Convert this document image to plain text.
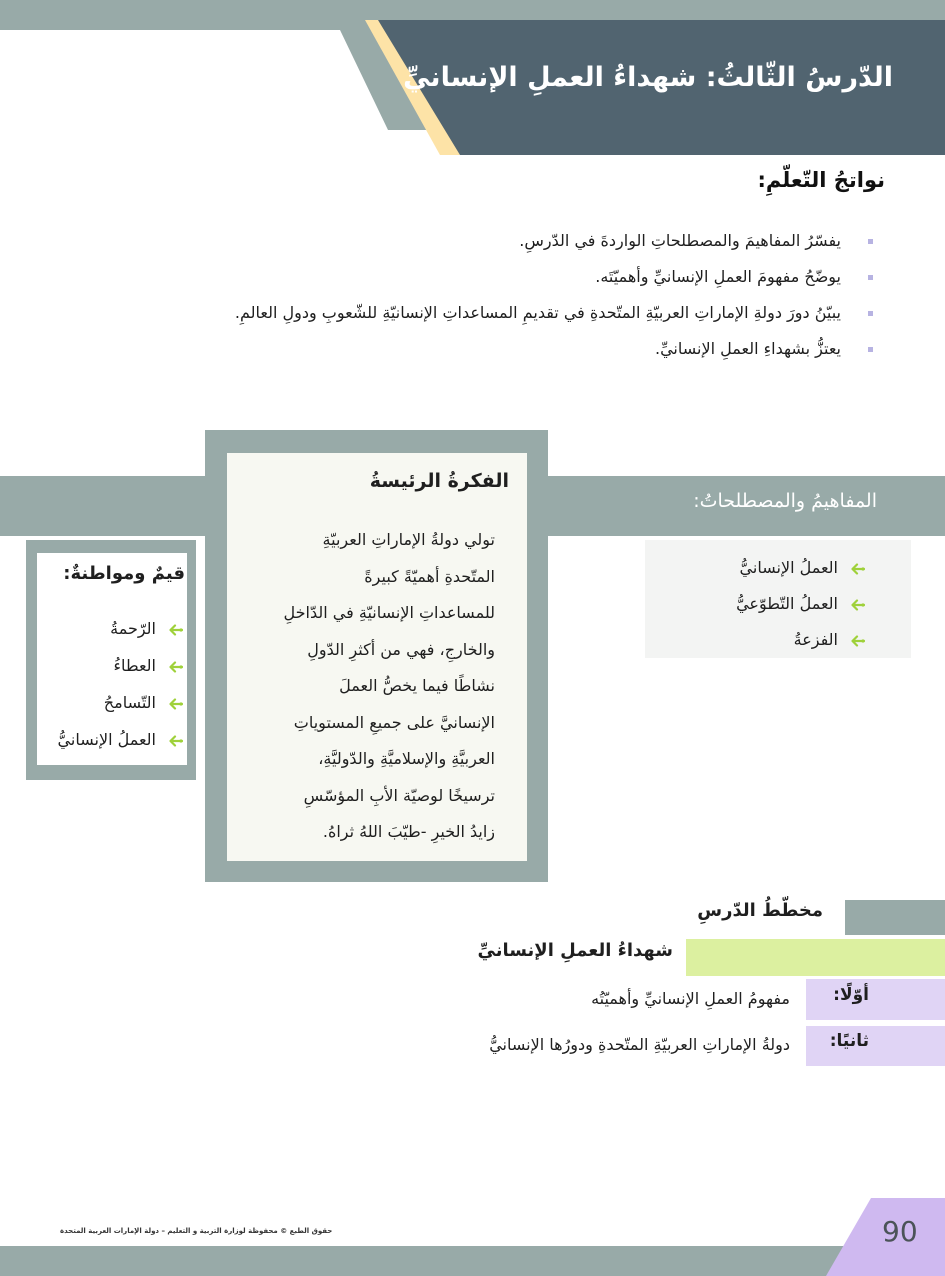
الدّرسُ الثّالثُ: شهداءُ العملِ الإنسانيِّ
نواتجُ التّعلّمِ:
يفسّرُ المفاهيمَ والمصطلحاتِ الواردةَ في الدّرسِ.
يوضّحُ مفهومَ العملِ الإنسانيِّ وأهميّتَه.
يبيّنُ دورَ دولةِ الإماراتِ العربيّةِ المتّحدةِ في تقديمِ المساعداتِ الإنسانيّةِ للشّعوبِ ودولِ العالمِ.
يعتزُّ بشهداءِ العملِ الإنسانيِّ.
المفاهيمُ والمصطلحاتُ:
العملُ الإنسانيُّ
العملُ التّطوّعيُّ
الفزعةُ
الفكرةُ الرئيسةُ
تولي دولةُ الإماراتِ العربيّةِ
المتّحدةِ أهميّةً كبيرةً
للمساعداتِ الإنسانيّةِ في الدّاخلِ
والخارجِ، فهي من أكثرِ الدّولِ
نشاطًا فيما يخصُّ العملَ
الإنسانيَّ على جميعِ المستوياتِ
العربيَّةِ والإسلاميَّةِ والدّوليَّةِ،
ترسيخًا لوصيّة الأبِ المؤسّسِ
زايدُ الخيرِ -طيّبَ اللهُ ثراهُ.
قيمٌ ومواطنةٌ:
الرّحمةُ
العطاءُ
التّسامحُ
العملُ الإنسانيُّ
مخطّطُ الدّرسِ
شهداءُ العملِ الإنسانيِّ
أوّلًا:
مفهومُ العملِ الإنسانيِّ وأهميّتُه
ثانيًا:
دولةُ الإماراتِ العربيّةِ المتّحدةِ ودورُها الإنسانيُّ
90
حقوق الطبع © محفوظة لوزارة التربية و التعليم – دولة الإمارات العربية المتحدة
